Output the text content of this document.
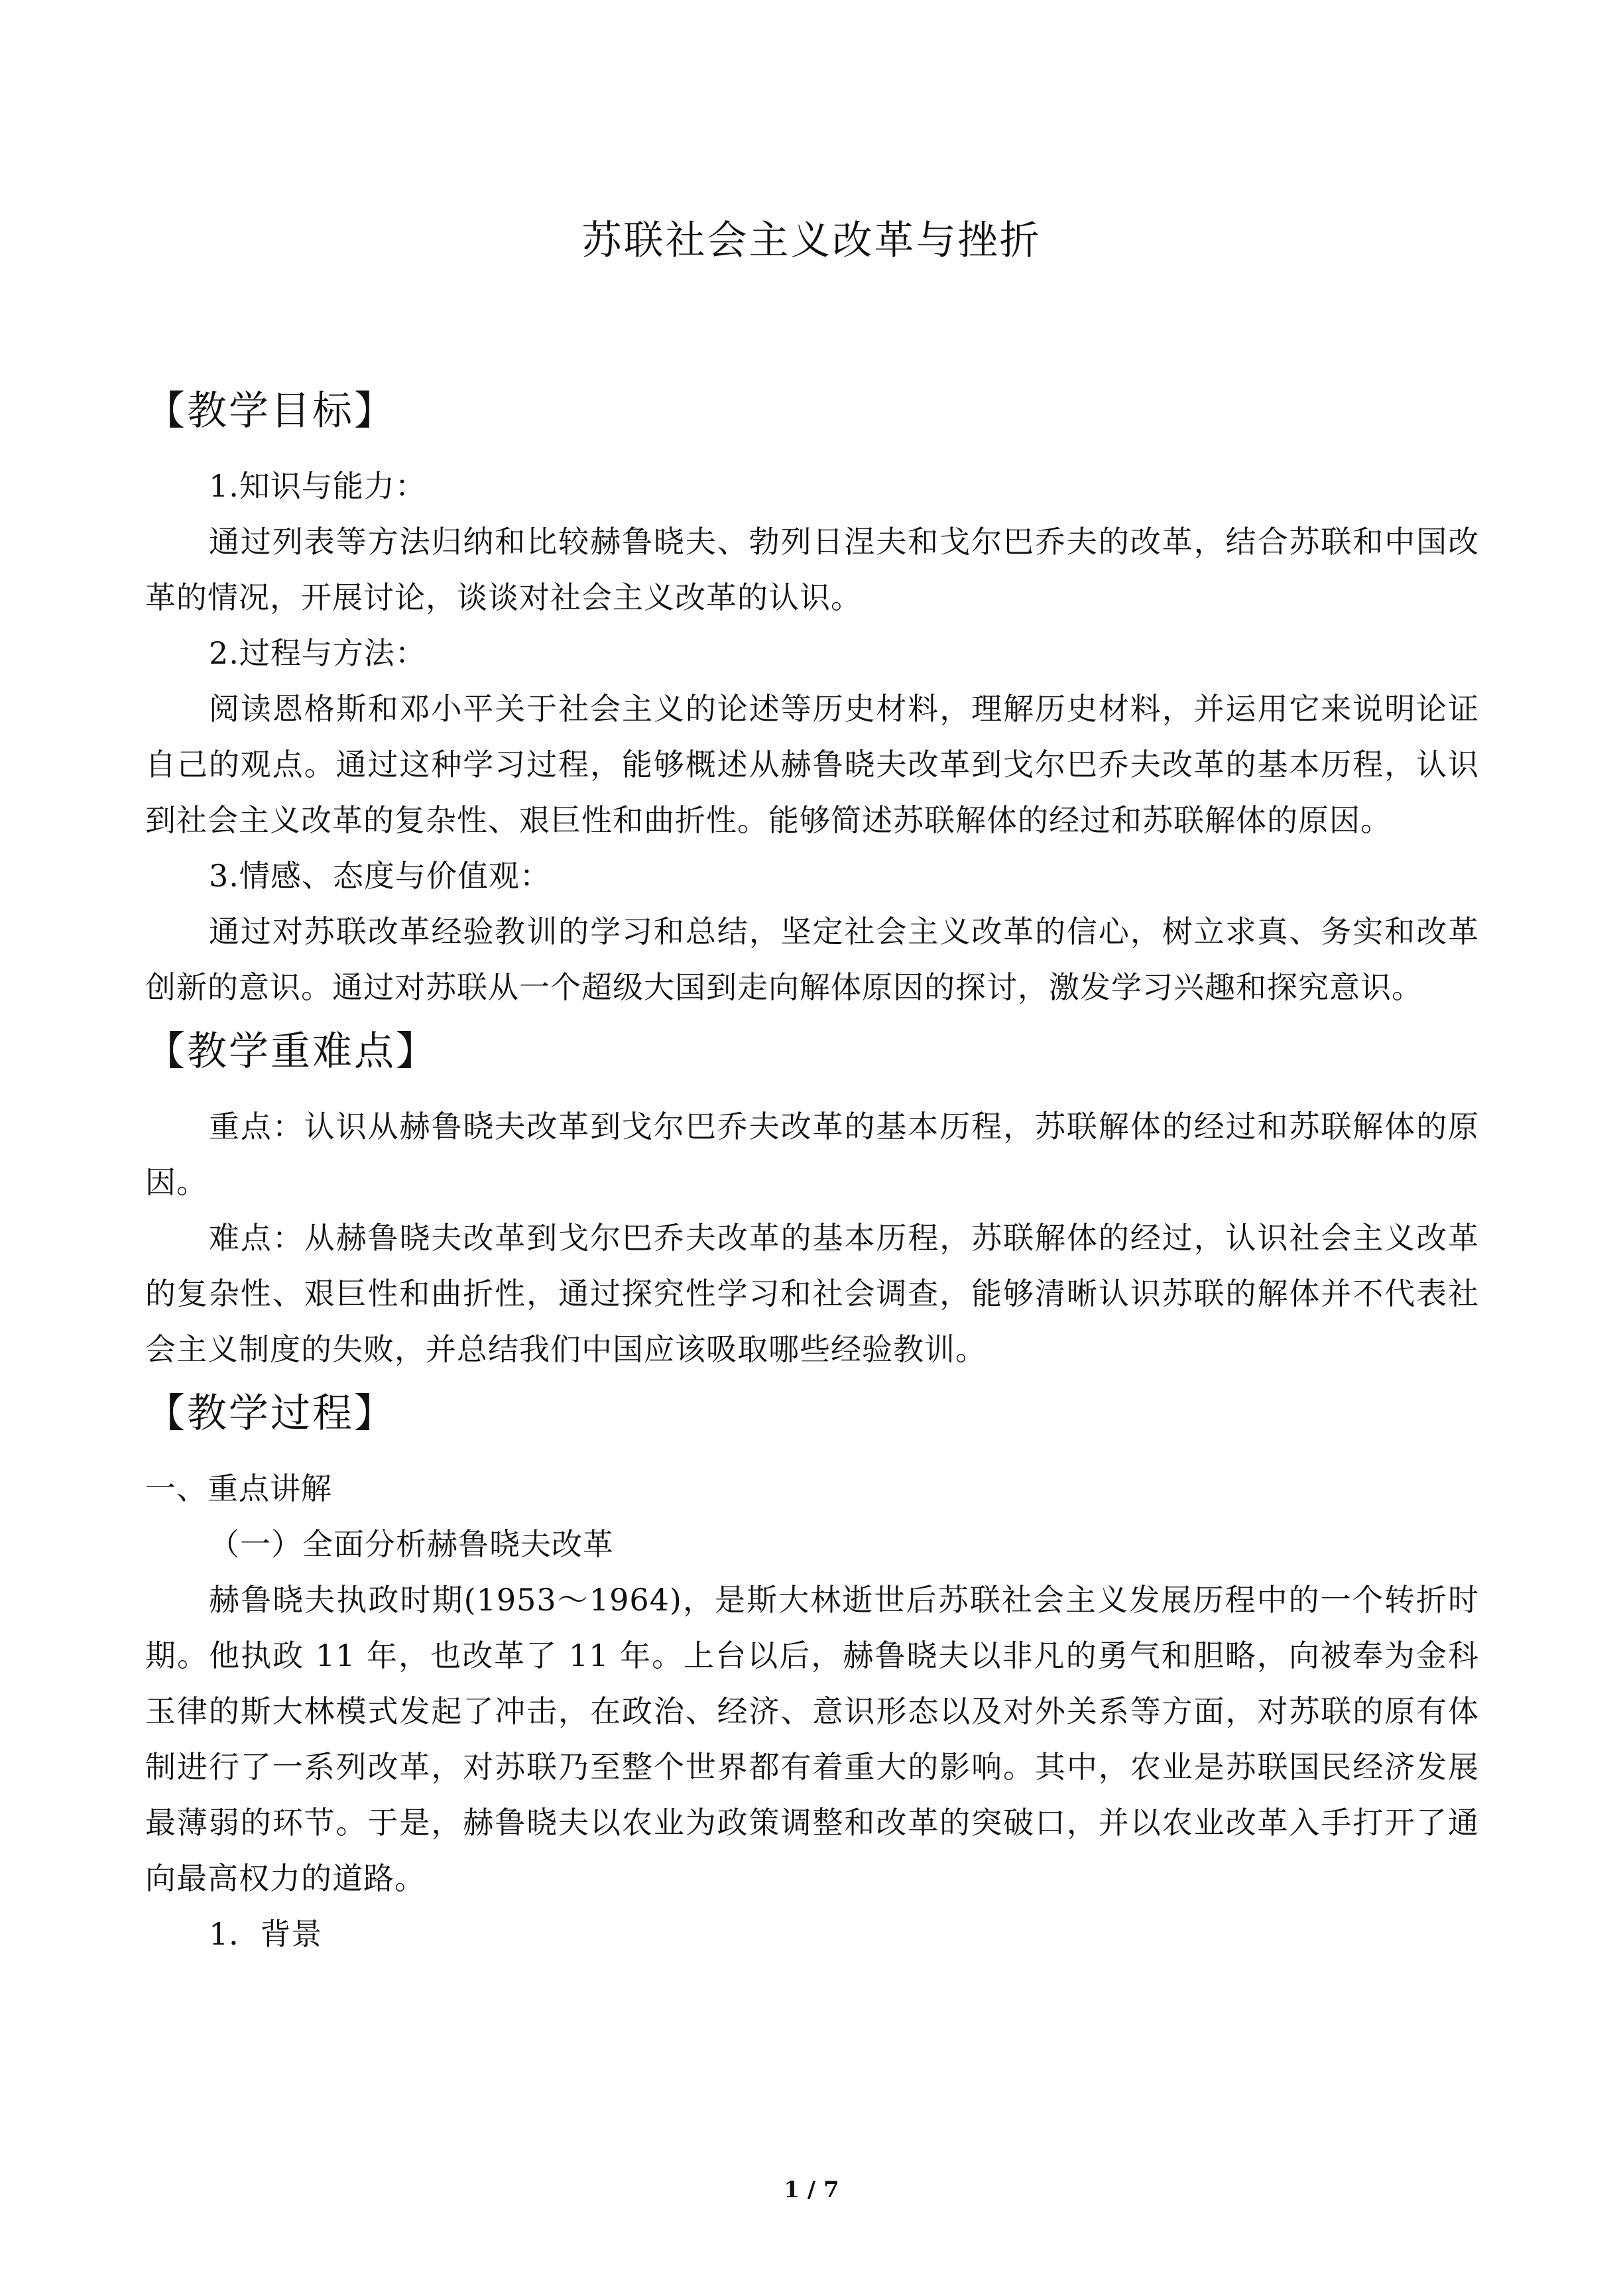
苏联社会主义改革与挫折
【教学目标】

1.知识与能力：

通过列表等方法归纳和比较赫鲁晓夫、勃列日涅夫和戈尔巴乔夫的改革，结合苏联和中国改革的情况，开展讨论，谈谈对社会主义改革的认识。

2.过程与方法：

阅读恩格斯和邓小平关于社会主义的论述等历史材料，理解历史材料，并运用它来说明论证自己的观点。通过这种学习过程，能够概述从赫鲁晓夫改革到戈尔巴乔夫改革的基本历程，认识到社会主义改革的复杂性、艰巨性和曲折性。能够简述苏联解体的经过和苏联解体的原因。

3.情感、态度与价值观：

通过对苏联改革经验教训的学习和总结，坚定社会主义改革的信心，树立求真、务实和改革创新的意识。通过对苏联从一个超级大国到走向解体原因的探讨，激发学习兴趣和探究意识。

【教学重难点】

重点：认识从赫鲁晓夫改革到戈尔巴乔夫改革的基本历程，苏联解体的经过和苏联解体的原因。

难点：从赫鲁晓夫改革到戈尔巴乔夫改革的基本历程，苏联解体的经过，认识社会主义改革的复杂性、艰巨性和曲折性，通过探究性学习和社会调查，能够清晰认识苏联的解体并不代表社会主义制度的失败，并总结我们中国应该吸取哪些经验教训。

【教学过程】

一、重点讲解

（一）全面分析赫鲁晓夫改革

赫鲁晓夫执政时期(1953～1964)，是斯大林逝世后苏联社会主义发展历程中的一个转折时期。他执政 11 年，也改革了 11 年。上台以后，赫鲁晓夫以非凡的勇气和胆略，向被奉为金科玉律的斯大林模式发起了冲击，在政治、经济、意识形态以及对外关系等方面，对苏联的原有体制进行了一系列改革，对苏联乃至整个世界都有着重大的影响。其中，农业是苏联国民经济发展最薄弱的环节。于是，赫鲁晓夫以农业为政策调整和改革的突破口，并以农业改革入手打开了通向最高权力的道路。

1．背景

1 / 7
